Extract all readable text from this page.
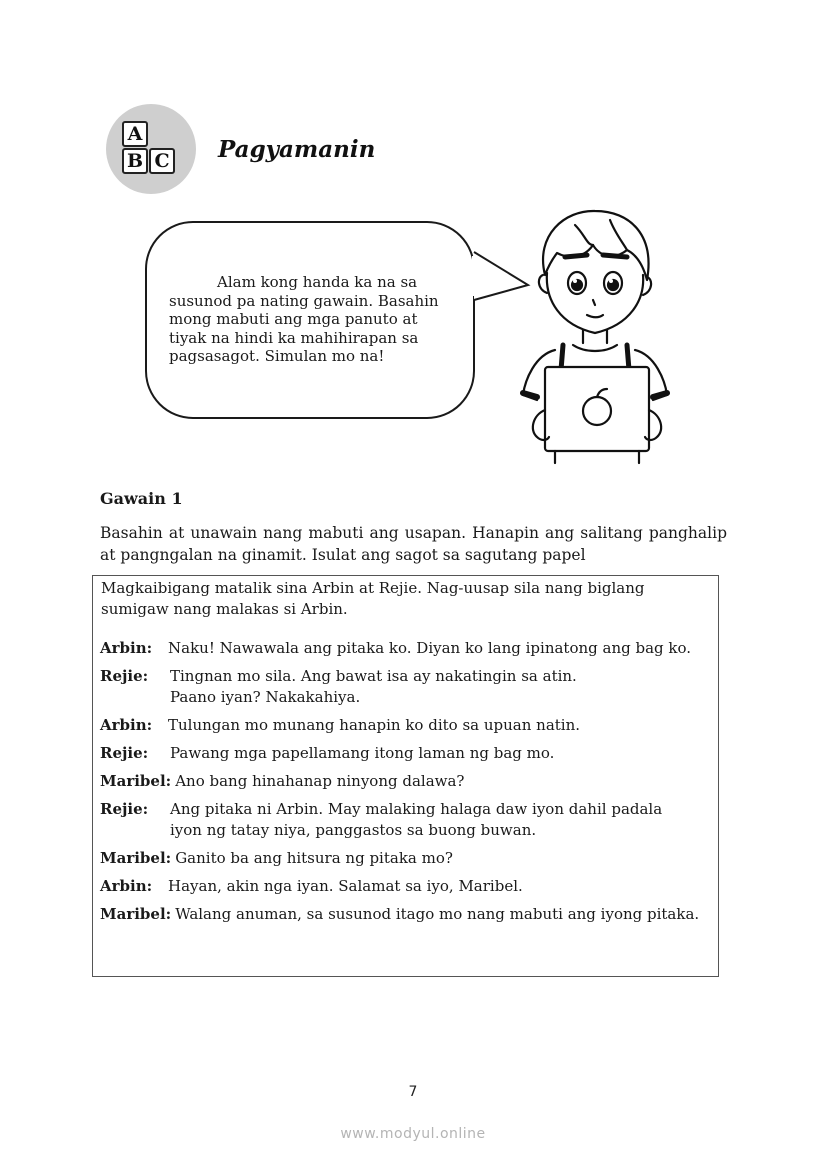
A
B C Pagyamanin
Alam kong handa ka na sa
susunod pa nating gawain. Basahin
mong mabuti ang mga panuto at
tiyak na hindi ka mahihirapan sa
pagsasagot. Simulan mo na!
Gawain 1
Basahin at unawain nang mabuti ang usapan. Hanapin ang salitang panghalip at pangngalan na ginamit. Isulat ang sagot sa sagutang papel
Magkaibigang matalik sina Arbin at Rejie. Nag-uusap sila nang biglang sumigaw nang malakas si Arbin.
Arbin:	Naku! Nawawala ang pitaka ko. Diyan ko lang ipinatong ang bag ko.
Rejie:	Tingnan mo sila. Ang bawat isa ay nakatingin sa atin.
Paano iyan? Nakakahiya.
Arbin:	Tulungan mo munang hanapin ko dito sa upuan natin.
Rejie:	Pawang mga papellamang itong laman ng bag mo.
Maribel: Ano bang hinahanap ninyong dalawa?
Rejie:	Ang pitaka ni Arbin. May malaking halaga daw iyon dahil padala
iyon ng tatay niya, panggastos sa buong buwan.
Maribel: Ganito ba ang hitsura ng pitaka mo?
Arbin:	Hayan, akin nga iyan. Salamat sa iyo, Maribel.
Maribel: Walang anuman, sa susunod itago mo nang mabuti ang iyong pitaka.
7
www.modyul.online
